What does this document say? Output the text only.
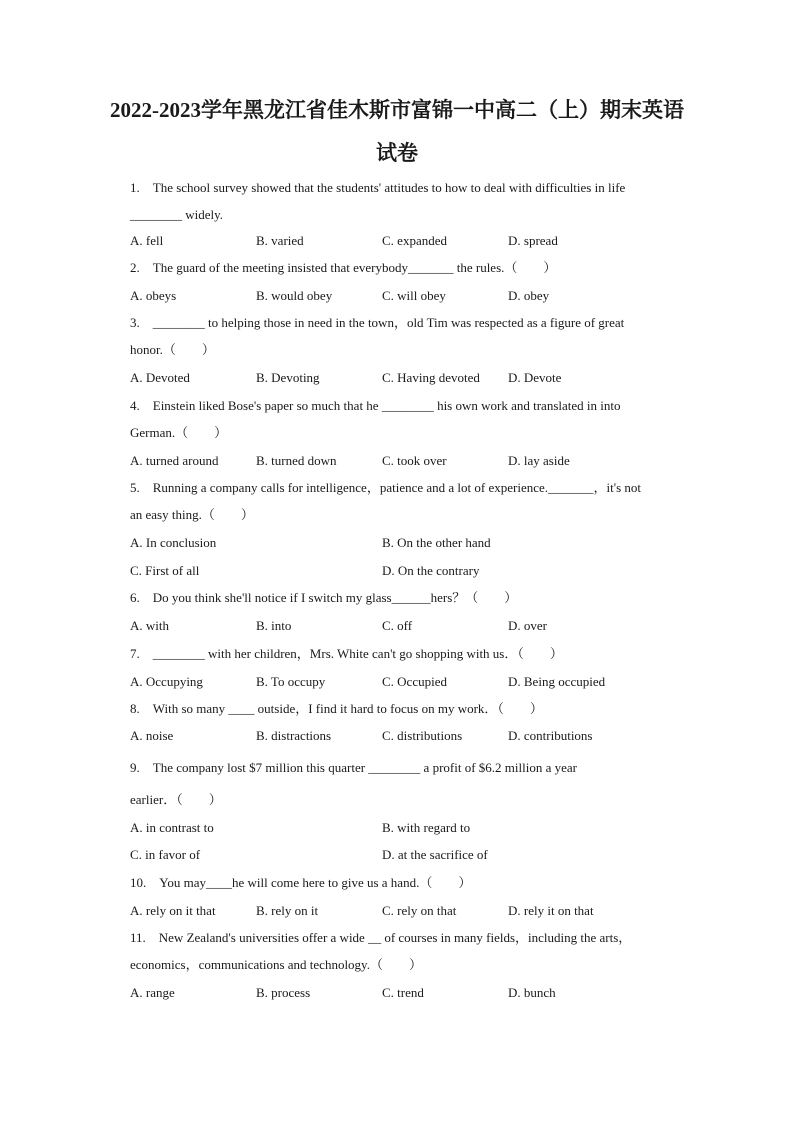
2022-2023学年黑龙江省佳木斯市富锦一中高二（上）期末英语
试卷

1.　The school survey showed that the students' attitudes to how to deal with difficulties in life

________ widely.

A. fell	B. varied	C. expanded	D. spread

2.　The guard of the meeting insisted that everybody_______ the rules.（　　）

A. obeys	B. would obey	C. will obey	D. obey

3.　________ to helping those in need in the town，old Tim was respected as a figure of great

honor.（　　）

A. Devoted	B. Devoting	C. Having devoted D. Devote

4.　Einstein liked Bose's paper so much that he ________ his own work and translated in into

German.（　　）

A. turned around	B. turned down	C. took over	D. lay aside

5.　Running a company calls for intelligence，patience and a lot of experience._______，it's not

an easy thing.（　　）

A. In conclusion	B. On the other hand
C. First of all	D. On the contrary

6.　Do you think she'll notice if I switch my glass______hers？（　　）

A. with	B. into	C. off	D. over

7.　________ with her children，Mrs. White can't go shopping with us．（　　）

A. Occupying	B. To occupy	C. Occupied	D. Being occupied

8.　With so many ____ outside，I find it hard to focus on my work．（　　）

A. noise	B. distractions	C. distributions	D. contributions

9.　The company lost $7 million this quarter ________ a profit of $6.2 million a year

earlier．（　　）

A. in contrast to	B. with regard to
C. in favor of	D. at the sacrifice of

10.　You may____he will come here to give us a hand.（　　）

A. rely on it that	B. rely on it	C. rely on that	D. rely it on that

11.　New Zealand's universities offer a wide __ of courses in many fields，including the arts，

economics，communications and technology.（　　）

A. range	B. process	C. trend	D. bunch
